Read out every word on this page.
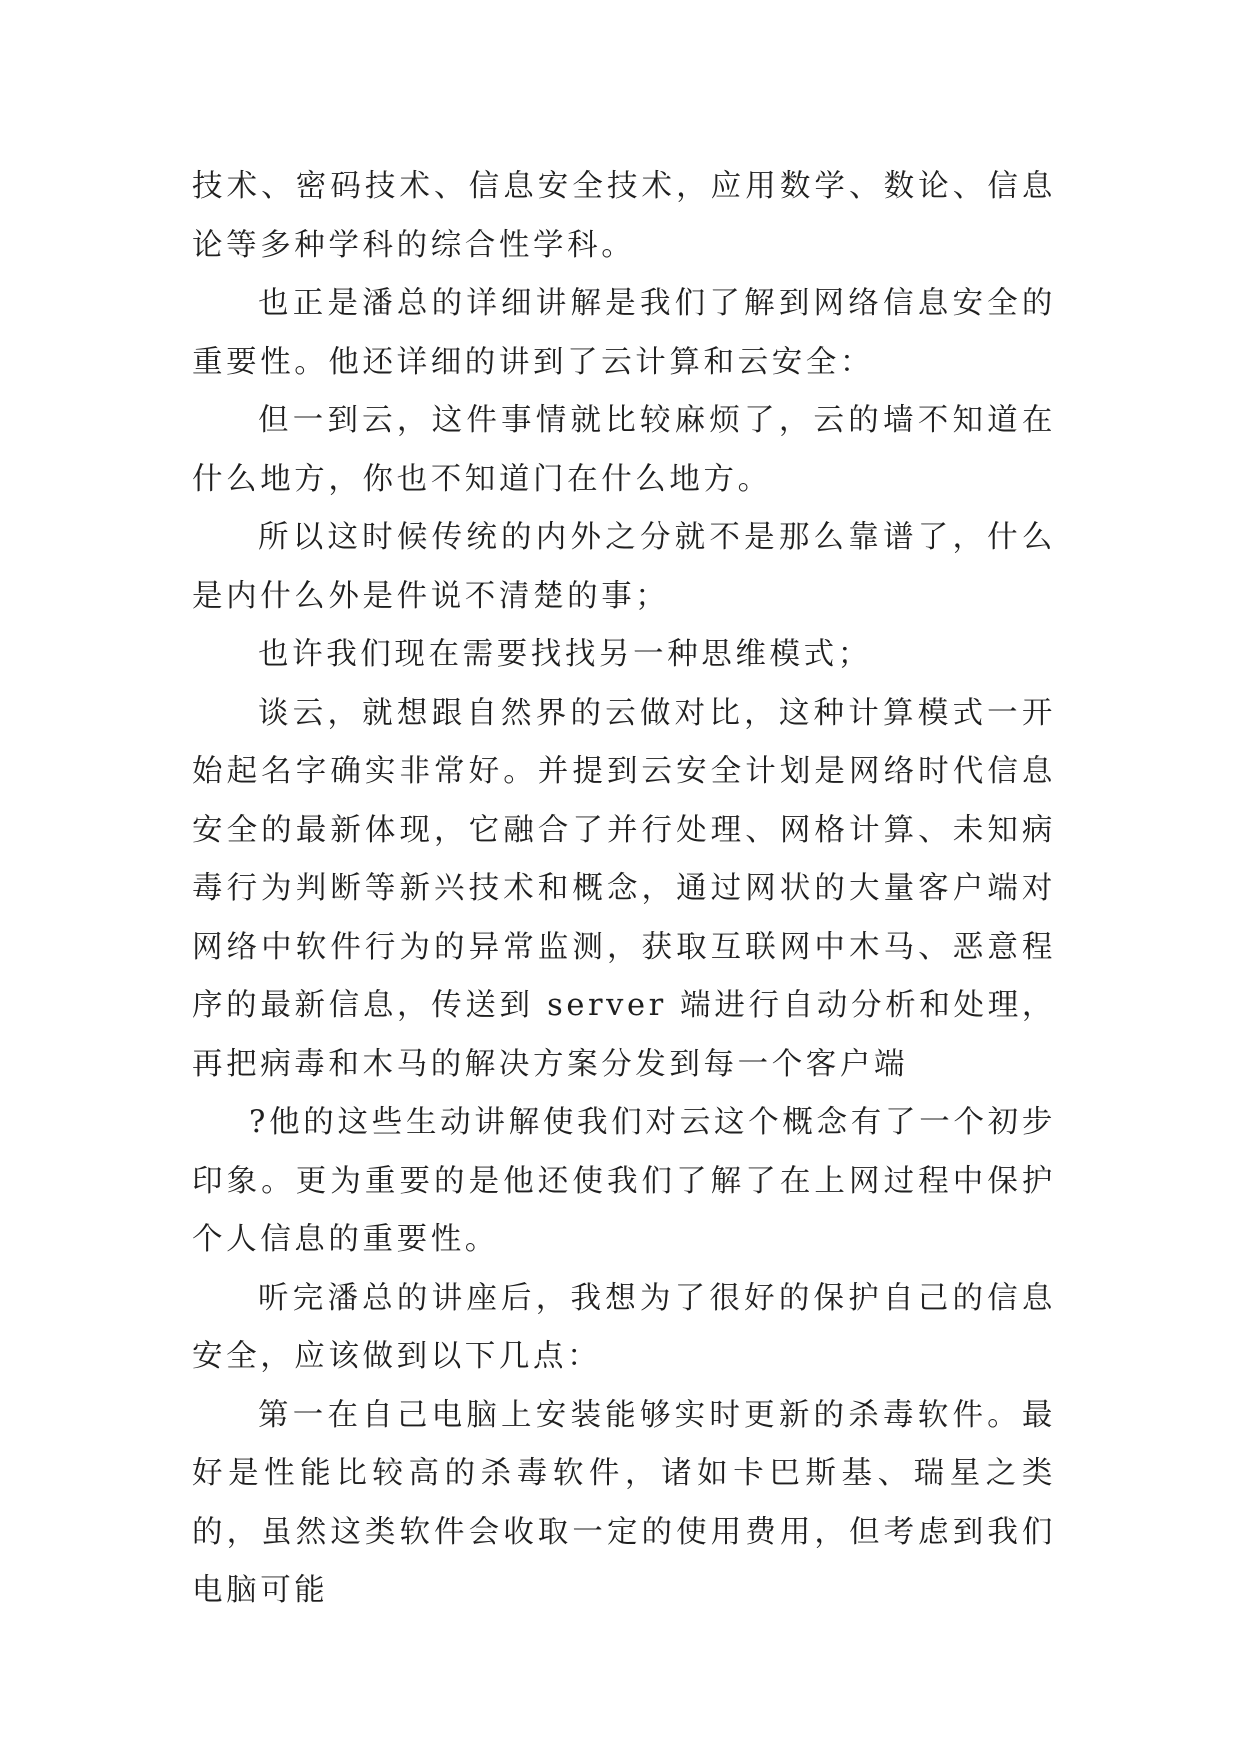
技术、密码技术、信息安全技术，应用数学、数论、信息论等多种学科的综合性学科。

也正是潘总的详细讲解是我们了解到网络信息安全的重要性。他还详细的讲到了云计算和云安全：

但一到云，这件事情就比较麻烦了，云的墙不知道在什么地方，你也不知道门在什么地方。

所以这时候传统的内外之分就不是那么靠谱了，什么是内什么外是件说不清楚的事；

也许我们现在需要找找另一种思维模式；

谈云，就想跟自然界的云做对比，这种计算模式一开始起名字确实非常好。并提到云安全计划是网络时代信息安全的最新体现，它融合了并行处理、网格计算、未知病毒行为判断等新兴技术和概念，通过网状的大量客户端对网络中软件行为的异常监测，获取互联网中木马、恶意程序的最新信息，传送到 server 端进行自动分析和处理，再把病毒和木马的解决方案分发到每一个客户端

?他的这些生动讲解使我们对云这个概念有了一个初步印象。更为重要的是他还使我们了解了在上网过程中保护个人信息的重要性。

听完潘总的讲座后，我想为了很好的保护自己的信息安全，应该做到以下几点：

第一在自己电脑上安装能够实时更新的杀毒软件。最好是性能比较高的杀毒软件，诸如卡巴斯基、瑞星之类的，虽然这类软件会收取一定的使用费用，但考虑到我们电脑可能
